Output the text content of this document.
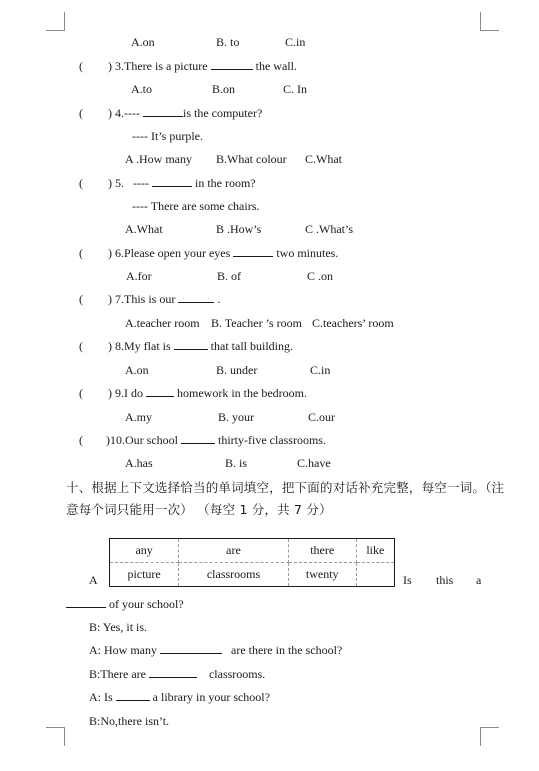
A.on	B. to	C.in
( ) 3.There is a picture	the wall.
A.to	B.on	C. In
( ) 4.----	is the computer?
---- It’s purple.
A .How many B.What colour C.What
( ) 5. ----	in the room?
---- There are some chairs.
A.What	B .How’s	C .What’s
( ) 6.Please open your eyes	two minutes.
A.for	B. of	C .on
( ) 7.This is our	.
A.teacher room B. Teacher ’s room C.teachers’ room
( ) 8.My flat is	that tall building.
A.on	B. under	C.in
( ) 9.I do	homework in the bedroom.
A.my	B. your	C.our
( )10.Our school	thirty-five classrooms.
A.has	B. is	C.have
十、根据上下文选择恰当的单词填空，把下面的对话补充完整，每空一词。（注
意每个词只能用一次） （每空 1 分，共 7 分）
any	are	there	like
picture	classrooms	twenty	
A	Is this a
of your school?
B: Yes, it is.
A: How many	are there in the school?
B:There are	classrooms.
A: Is	a library in your school?
B:No,there isn’t.
